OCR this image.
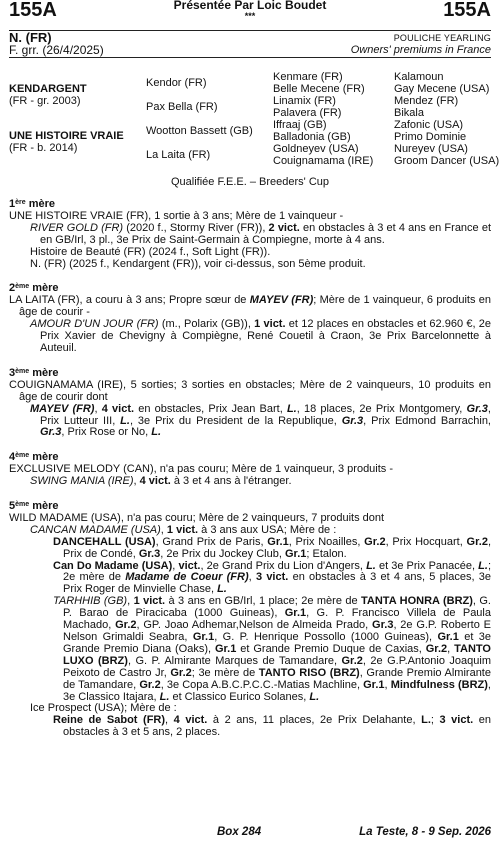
155A	155A
Présentée Par Loic Boudet
***
N. (FR)
F. grr. (26/4/2025)
POULICHE YEARLING
Owners' premiums in France
KENDARGENT
(FR - gr. 2003)
UNE HISTOIRE VRAIE
(FR - b. 2014)
Kendor (FR)
Pax Bella (FR)
Wootton Bassett (GB)
La Laita (FR)
Kenmare (FR)
Belle Mecene (FR)
Linamix (FR)
Palavera (FR)
Iffraaj (GB)
Balladonia (GB)
Goldneyev (USA)
Couignamama (IRE)
Kalamoun
Gay Mecene (USA)
Mendez (FR)
Bikala
Zafonic (USA)
Primo Dominie
Nureyev (USA)
Groom Dancer (USA)
Qualifiée F.E.E. – Breeders' Cup

1ère mère

UNE HISTOIRE VRAIE (FR), 1 sortie à 3 ans; Mère de 1 vainqueur -

RIVER GOLD (FR) (2020 f., Stormy River (FR)), 2 vict. en obstacles à 3 et 4 ans en France et en GB/Irl, 3 pl., 3e Prix de Saint-Germain à Compiegne, morte à 4 ans.

Histoire de Beauté (FR) (2024 f., Soft Light (FR)).

N. (FR) (2025 f., Kendargent (FR)), voir ci-dessus, son 5ème produit.

2ème mère

LA LAITA (FR), a couru à 3 ans; Propre sœur de MAYEV (FR); Mère de 1 vainqueur, 6 produits en âge de courir -

AMOUR D'UN JOUR (FR) (m., Polarix (GB)), 1 vict. et 12 places en obstacles et 62.960 €, 2e Prix Xavier de Chevigny à Compiègne, René Couetil à Craon, 3e Prix Barcelonnette à Auteuil.

3ème mère

COUIGNAMAMA (IRE), 5 sorties; 3 sorties en obstacles; Mère de 2 vainqueurs, 10 produits en âge de courir dont

MAYEV (FR), 4 vict. en obstacles, Prix Jean Bart, L., 18 places, 2e Prix Montgomery, Gr.3, Prix Lutteur III, L., 3e Prix du President de la Republique, Gr.3, Prix Edmond Barrachin, Gr.3, Prix Rose or No, L.

4ème mère

EXCLUSIVE MELODY (CAN), n'a pas couru; Mère de 1 vainqueur, 3 produits -

SWING MANIA (IRE), 4 vict. à 3 et 4 ans à l'étranger.

5ème mère

WILD MADAME (USA), n'a pas couru; Mère de 2 vainqueurs, 7 produits dont

CANCAN MADAME (USA), 1 vict. à 3 ans aux USA; Mère de :

DANCEHALL (USA), Grand Prix de Paris, Gr.1, Prix Noailles, Gr.2, Prix Hocquart, Gr.2, Prix de Condé, Gr.3, 2e Prix du Jockey Club, Gr.1; Etalon.

Can Do Madame (USA), vict., 2e Grand Prix du Lion d'Angers, L. et 3e Prix Panacée, L.; 2e mère de Madame de Coeur (FR), 3 vict. en obstacles à 3 et 4 ans, 5 places, 3e Prix Roger de Minvielle Chase, L.

TARHHIB (GB), 1 vict. à 3 ans en GB/Irl, 1 place; 2e mère de TANTA HONRA (BRZ), G. P. Barao de Piracicaba (1000 Guineas), Gr.1, G. P. Francisco Villela de Paula Machado, Gr.2, GP. Joao Adhemar,Nelson de Almeida Prado, Gr.3, 2e G.P. Roberto E Nelson Grimaldi Seabra, Gr.1, G. P. Henrique Possollo (1000 Guineas), Gr.1 et 3e Grande Premio Diana (Oaks), Gr.1 et Grande Premio Duque de Caxias, Gr.2, TANTO LUXO (BRZ), G. P. Almirante Marques de Tamandare, Gr.2, 2e G.P.Antonio Joaquim Peixoto de Castro Jr, Gr.2; 3e mère de TANTO RISO (BRZ), Grande Premio Almirante de Tamandare, Gr.2, 3e Copa A.B.C.P.C.C.-Matias Machline, Gr.1, Mindfulness (BRZ), 3e Classico Itajara, L. et Classico Eurico Solanes, L.

Ice Prospect (USA); Mère de :

Reine de Sabot (FR), 4 vict. à 2 ans, 11 places, 2e Prix Delahante, L.; 3 vict. en obstacles à 3 et 5 ans, 2 places.

Box 284	La Teste, 8 - 9 Sep. 2026
